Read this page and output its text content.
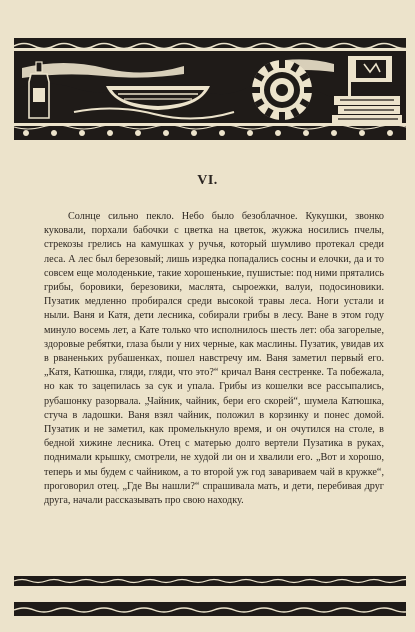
VI.

Солнце сильно пекло. Небо было безоблачное. Кукушки, звонко куковали, порхали бабочки с цветка на цветок, жужжа носились пчелы, стрекозы грелись на камушках у ручья, который шумливо протекал среди леса. А лес был березовый; лишь изредка попадались сосны и елочки, да и то совсем еще молоденькие, такие хорошенькие, пушистые: под ними прятались грибы, боровики, березовики, маслята, сыроежки, валуи, подосиновики. Пузатик медленно пробирался среди высокой травы леса. Ноги устали и ныли. Ваня и Катя, дети лесника, собирали грибы в лесу. Ване в этом году минуло восемь лет, а Кате только что исполнилось шесть лет: оба загорелые, здоровые ребятки, глаза были у них черные, как маслины. Пузатик, увидав их в рваненьких рубашенках, пошел навстречу им. Ваня заметил первый его. „Катя, Катюшка, гляди, гляди, что это?“ кричал Ваня сестренке. Та побежала, но как то зацепилась за сук и упала. Грибы из кошелки все рассыпались, рубашонку разорвала. „Чайник, чайник, бери его скорей“, шумела Катюшка, стуча в ладошки. Ваня взял чайник, положил в корзинку и понес домой. Пузатик и не заметил, как промелькнуло время, и он очутился на столе, в бедной хижине лесника. Отец с матерью долго вертели Пузатика в руках, поднимали крышку, смотрели, не худой ли он и хвалили его. „Вот и хорошо, теперь и мы будем с чайником, а то второй уж год завариваем чай в кружке“, проговорил отец. „Где Вы нашли?“ спрашивала мать, и дети, перебивая друг друга, начали рассказывать про свою находку.
